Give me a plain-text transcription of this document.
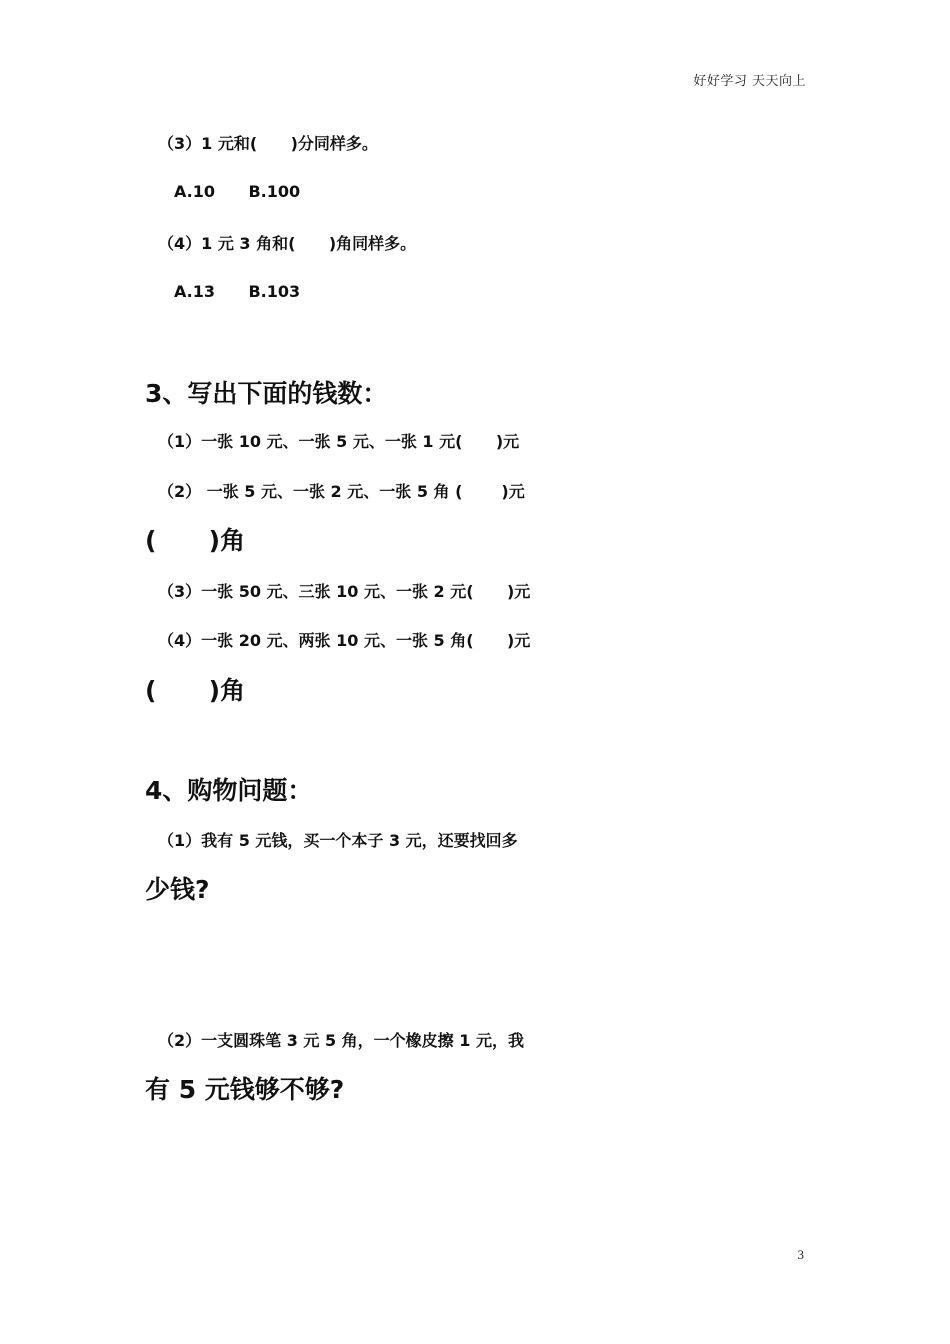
好好学习 天天向上
（3）1 元和(      )分同样多。
A.10      B.100
（4）1 元 3 角和(      )角同样多。
A.13      B.103
3、写出下面的钱数：
（1）一张 10 元、一张 5 元、一张 1 元(      )元
（2） 一张 5 元、一张 2 元、一张 5 角 (       )元
(      )角
（3）一张 50 元、三张 10 元、一张 2 元(      )元
（4）一张 20 元、两张 10 元、一张 5 角(      )元
(      )角
4、购物问题：
（1）我有 5 元钱，买一个本子 3 元，还要找回多
少钱?
（2）一支圆珠笔 3 元 5 角，一个橡皮擦 1 元，我
有 5 元钱够不够?
3
